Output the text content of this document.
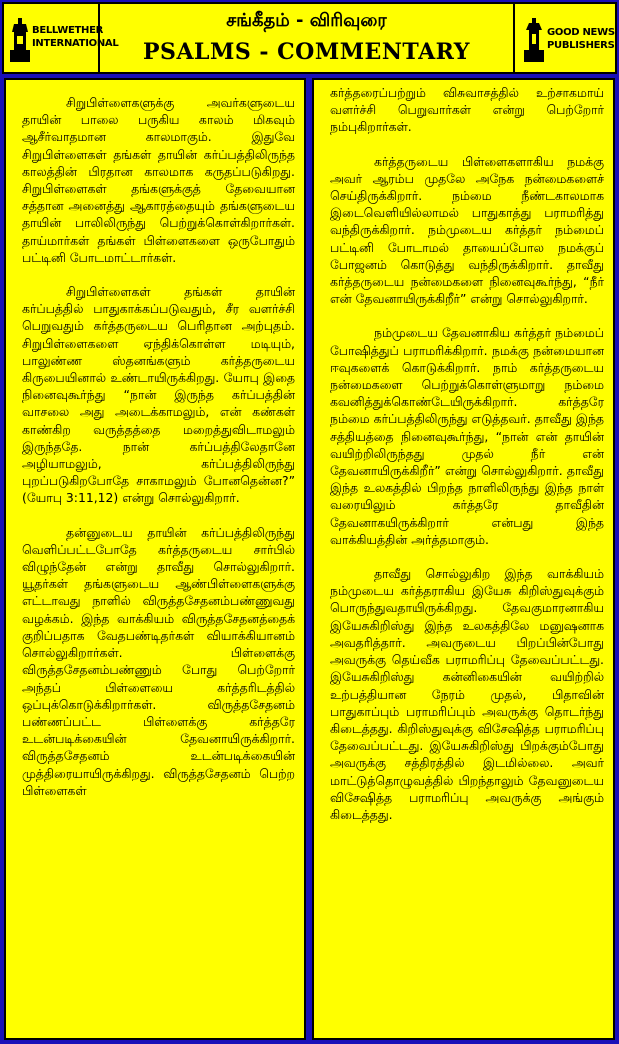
BELLWETHER
INTERNATIONAL
சங்கீதம் - விரிவுரை
PSALMS - COMMENTARY
GOOD NEWS
PUBLISHERS

சிறுபிள்ளைகளுக்கு அவர்களுடைய தாயின் பாலை பருகிய காலம் மிகவும் ஆசீர்வாதமான காலமாகும். இதுவே சிறுபிள்ளைகள் தங்கள் தாயின் கர்ப்பத்திலிருந்த காலத்தின் பிரதான காலமாக கருதப்படுகிறது. சிறுபிள்ளைகள் தங்களுக்குத் தேவையான சத்தான அனைத்து ஆகாரத்தையும் தங்களுடைய தாயின் பாலிலிருந்து பெற்றுக்கொள்கிறார்கள். தாய்மார்கள் தங்கள் பிள்ளைகளை ஒருபோதும் பட்டினி போடமாட்டார்கள்.

சிறுபிள்ளைகள் தங்கள் தாயின் கர்ப்பத்தில் பாதுகாக்கப்படுவதும், சீர வளர்ச்சி பெறுவதும் கர்த்தருடைய பெரிதான அற்புதம். சிறுபிள்ளைகளை ஏந்திக்கொள்ள மடியும், பாலுண்ண ஸ்தனங்களும் கர்த்தருடைய கிருபையினால் உண்டாயிருக்கிறது. யோபு இதை நினைவுகூர்ந்து “நான் இருந்த கர்ப்பத்தின் வாசலை அது அடைக்காமலும், என் கண்கள் காண்கிற வருத்தத்தை மறைத்துவிடாமலும் இருந்ததே. நான் கர்ப்பத்திலேதானே அழியாமலும், கர்ப்பத்திலிருந்து புறப்படுகிறபோதே சாகாமலும் போனதென்ன?” (யோபு 3:11,12) என்று சொல்லுகிறார்.

தன்னுடைய தாயின் கர்ப்பத்திலிருந்து வெளிப்பட்டபோதே கர்த்தருடைய சார்பில் விழுந்தேன் என்று தாவீது சொல்லுகிறார். யூதர்கள் தங்களுடைய ஆண்பிள்ளைகளுக்கு எட்டாவது நாளில் விருத்தசேதனம்பண்ணுவது வழக்கம். இந்த வாக்கியம் விருத்தசேதனத்தைக் குறிப்பதாக வேதபண்டிதர்கள் வியாக்கியானம் சொல்லுகிறார்கள். பிள்ளைக்கு விருத்தசேதனம்பண்ணும் போது பெற்றோர் அந்தப் பிள்ளையை கர்த்தரிடத்தில் ஒப்புக்கொடுக்கிறார்கள். விருத்தசேதனம் பண்ணப்பட்ட பிள்ளைக்கு கர்த்தரே உடன்படிக்கையின் தேவனாயிருக்கிறார். விருத்தசேதனம் உடன்படிக்கையின் முத்திரையாயிருக்கிறது. விருத்தசேதனம் பெற்ற பிள்ளைகள்

கர்த்தரைப்பற்றும் விசுவாசத்தில் உற்சாகமாய் வளர்ச்சி பெறுவார்கள் என்று பெற்றோர் நம்புகிறார்கள்.

கர்த்தருடைய பிள்ளைகளாகிய நமக்கு அவர் ஆரம்ப முதலே அநேக நன்மைகளைச் செய்திருக்கிறார். நம்மை நீண்டகாலமாக இடைவெளியில்லாமல் பாதுகாத்து பராமரித்து வந்திருக்கிறார். நம்முடைய கர்த்தர் நம்மைப் பட்டினி போடாமல் தாயைப்போல நமக்குப் போஜனம் கொடுத்து வந்திருக்கிறார். தாவீது கர்த்தருடைய நன்மைகளை நினைவுகூர்ந்து, “நீர் என் தேவனாயிருக்கிறீர்” என்று சொல்லுகிறார்.

நம்முடைய தேவனாகிய கர்த்தர் நம்மைப் போஷித்துப் பராமரிக்கிறார். நமக்கு நன்மையான ஈவுகளைக் கொடுக்கிறார். நாம் கர்த்தருடைய நன்மைகளை பெற்றுக்கொள்ளுமாறு நம்மை கவனித்துக்கொண்டேயிருக்கிறார். கர்த்தரே நம்மை கர்ப்பத்திலிருந்து எடுத்தவர். தாவீது இந்த சத்தியத்தை நினைவுகூர்ந்து, “நான் என் தாயின் வயிற்றிலிருந்தது முதல் நீர் என் தேவனாயிருக்கிறீர்” என்று சொல்லுகிறார். தாவீது இந்த உலகத்தில் பிறந்த நாளிலிருந்து இந்த நாள் வரையிலும் கர்த்தரே தாவீதின் தேவனாகயிருக்கிறார் என்பது இந்த வாக்கியத்தின் அர்த்தமாகும்.

தாவீது சொல்லுகிற இந்த வாக்கியம் நம்முடைய கர்த்தராகிய இயேசு கிறிஸ்துவுக்கும் பொருந்துவதாயிருக்கிறது. தேவகுமாரனாகிய இயேசுகிறிஸ்து இந்த உலகத்திலே மனுஷனாக அவதரித்தார். அவருடைய பிறப்பின்போது அவருக்கு தெய்வீக பராமரிப்பு தேவைப்பட்டது. இயேசுகிறிஸ்து கன்னிகையின் வயிற்றில் உற்பத்தியான நேரம் முதல், பிதாவின் பாதுகாப்பும் பராமரிப்பும் அவருக்கு தொடர்ந்து கிடைத்தது. கிறிஸ்துவுக்கு விசேஷித்த பராமரிப்பு தேவைப்பட்டது. இயேசுகிறிஸ்து பிறக்கும்போது அவருக்கு சத்திரத்தில் இடமில்லை. அவர் மாட்டுத்தொழுவத்தில் பிறந்தாலும் தேவனுடைய விசேஷித்த பராமரிப்பு அவருக்கு அங்கும் கிடைத்தது.
